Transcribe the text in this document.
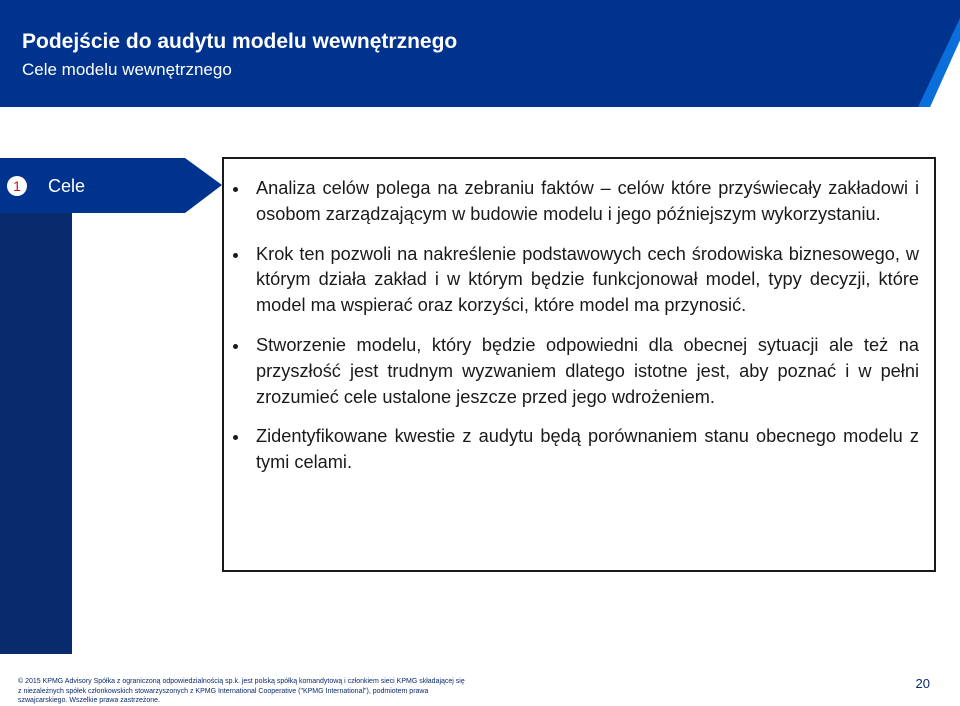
Podejście do audytu modelu wewnętrznego
Cele modelu wewnętrznego
1	Cele	Analiza celów polega na zebraniu faktów – celów które przyświecały zakładowi i osobom zarządzającym w budowie modelu i jego późniejszym wykorzystaniu.
Krok ten pozwoli na nakreślenie podstawowych cech środowiska biznesowego, w którym działa zakład i w którym będzie funkcjonował model, typy decyzji, które model ma wspierać oraz korzyści, które model ma przynosić.
Stworzenie modelu, który będzie odpowiedni dla obecnej sytuacji ale też na przyszłość jest trudnym wyzwaniem dlatego istotne jest, aby poznać i w pełni zrozumieć cele ustalone jeszcze przed jego wdrożeniem.
Zidentyfikowane kwestie z audytu będą porównaniem stanu obecnego modelu z tymi celami.
© 2015 KPMG Advisory Spółka z ograniczoną odpowiedzialnością sp.k. jest polską spółką komandytową i członkiem sieci KPMG składającej się z niezależnych spółek członkowskich stowarzyszonych z KPMG International Cooperative ("KPMG International"), podmiotem prawa szwajcarskiego. Wszelkie prawa zastrzeżone.
20
